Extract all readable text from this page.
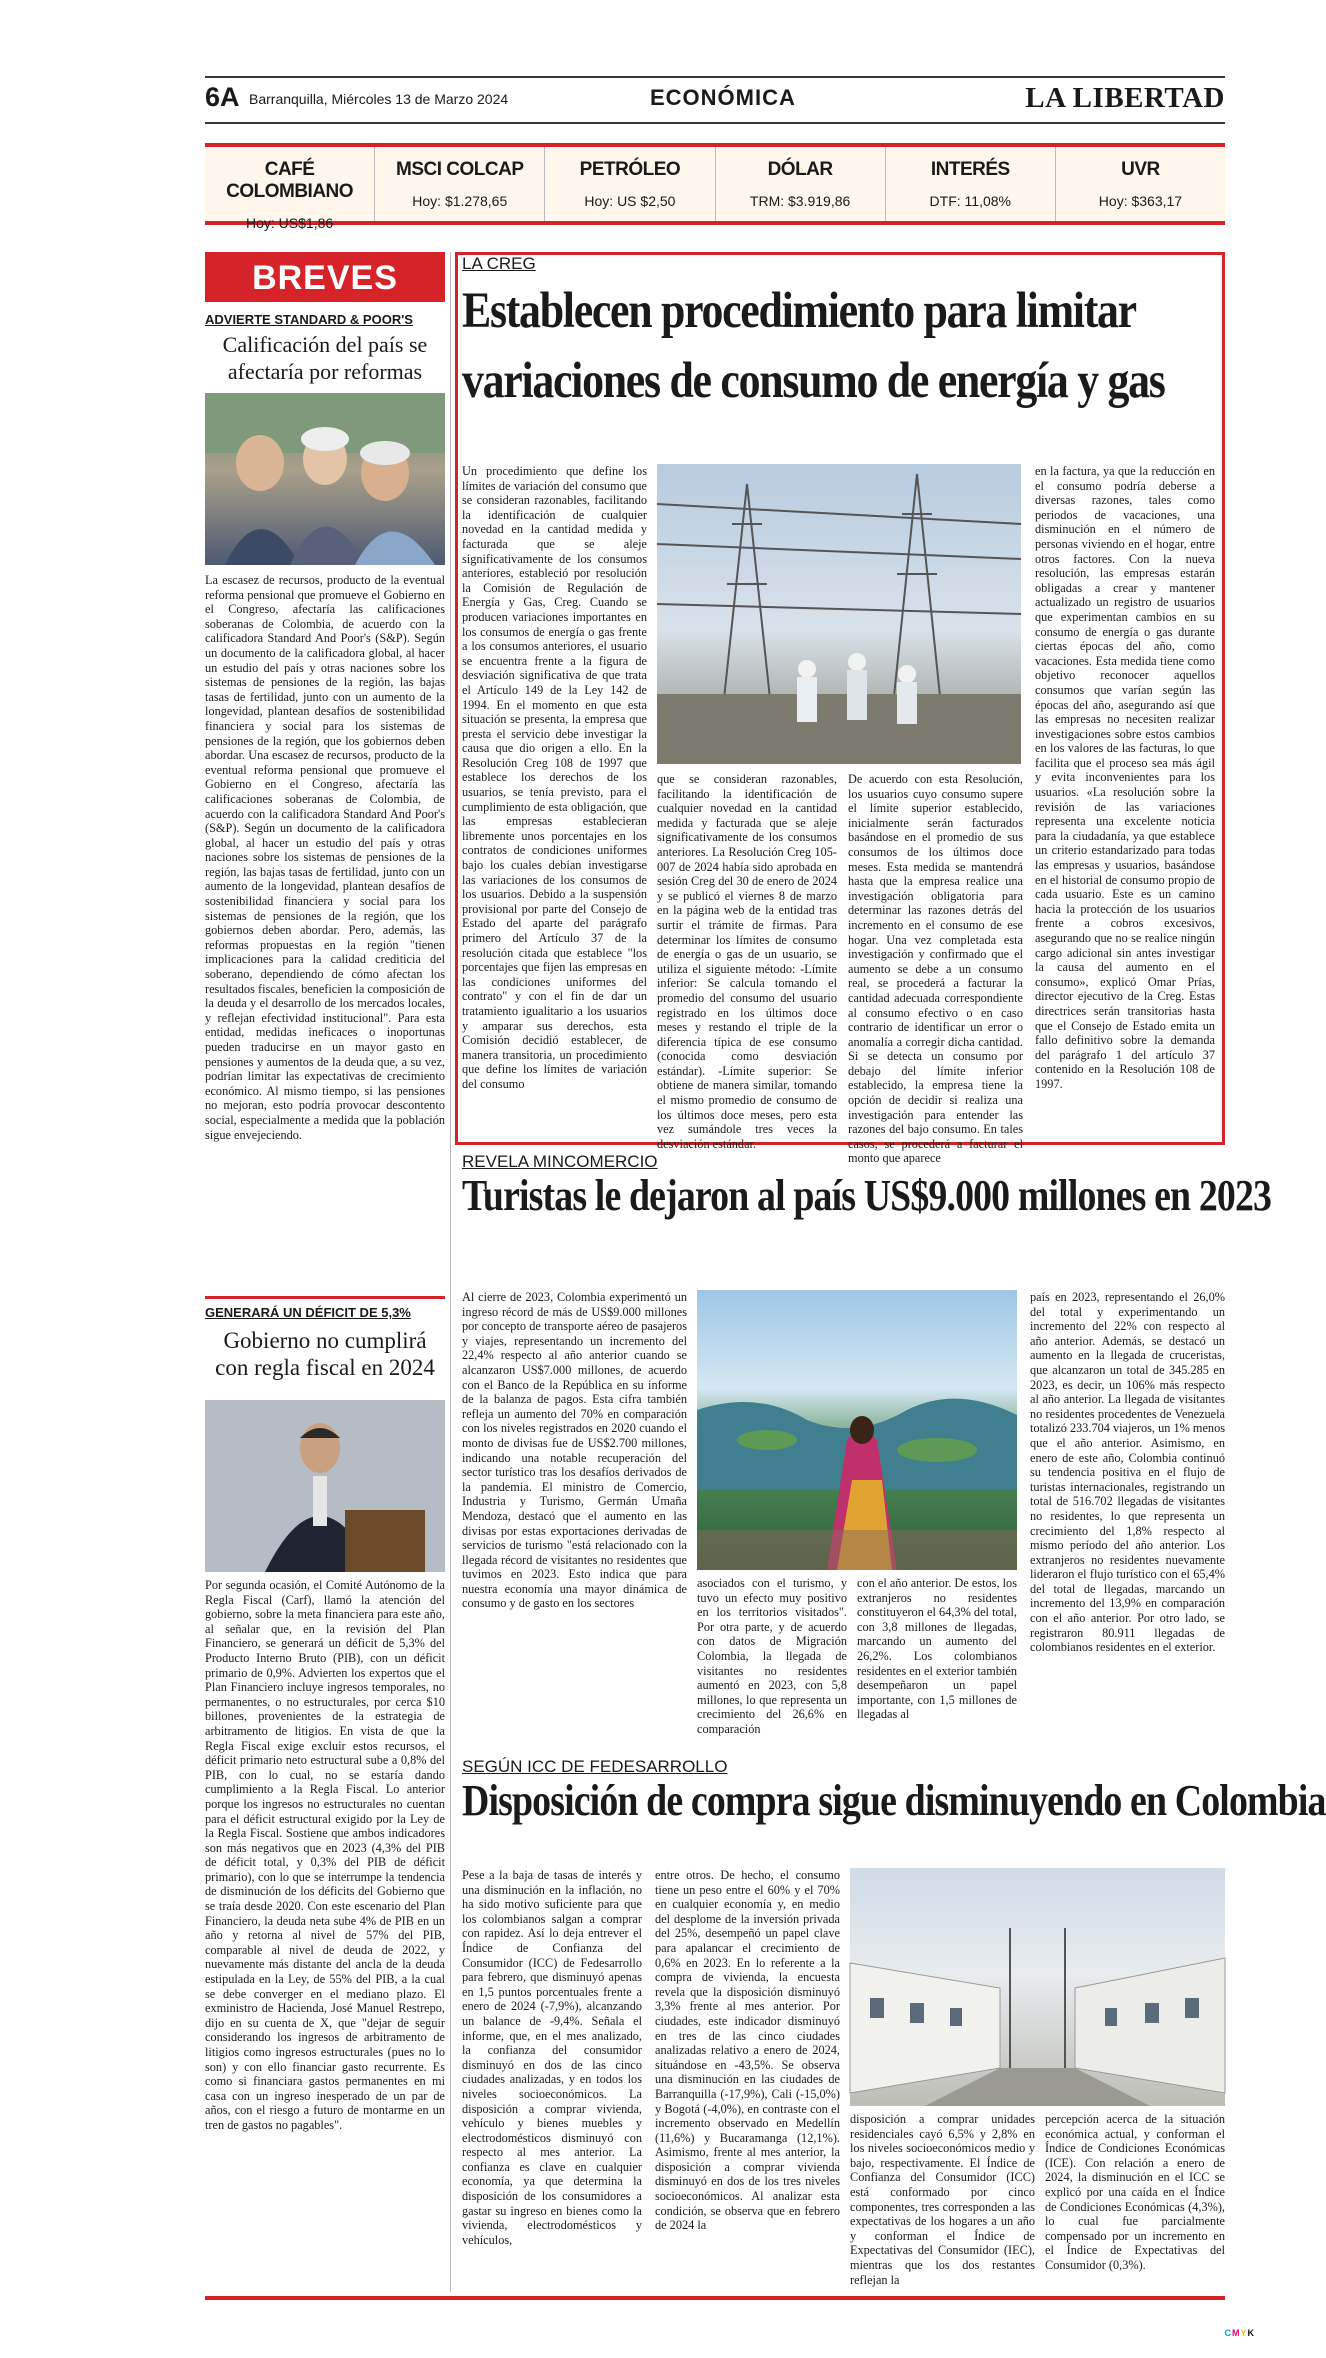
6A Barranquilla, Miércoles 13 de Marzo 2024	ECONÓMICA	LA LIBERTAD
CAFÉ COLOMBIANO
Hoy: US$1,86
MSCI COLCAP
Hoy: $1.278,65
PETRÓLEO
Hoy: US $2,50
DÓLAR
TRM: $3.919,86
INTERÉS
DTF: 11,08%
UVR
Hoy: $363,17
BREVES
ADVIERTE STANDARD & POOR'S
Calificación del país se afectaría por reformas
La escasez de recursos, producto de la eventual reforma pensional que promueve el Gobierno en el Congreso, afectaría las calificaciones soberanas de Colombia, de acuerdo con la calificadora Standard And Poor's (S&P). Según un documento de la calificadora global, al hacer un estudio del país y otras naciones sobre los sistemas de pensiones de la región, las bajas tasas de fertilidad, junto con un aumento de la longevidad, plantean desafíos de sostenibilidad financiera y social para los sistemas de pensiones de la región, que los gobiernos deben abordar. Una escasez de recursos, producto de la eventual reforma pensional que promueve el Gobierno en el Congreso, afectaría las calificaciones soberanas de Colombia, de acuerdo con la calificadora Standard And Poor's (S&P). Según un documento de la calificadora global, al hacer un estudio del país y otras naciones sobre los sistemas de pensiones de la región, las bajas tasas de fertilidad, junto con un aumento de la longevidad, plantean desafíos de sostenibilidad financiera y social para los sistemas de pensiones de la región, que los gobiernos deben abordar. Pero, además, las reformas propuestas en la región "tienen implicaciones para la calidad crediticia del soberano, dependiendo de cómo afectan los resultados fiscales, beneficien la composición de la deuda y el desarrollo de los mercados locales, y reflejan efectividad institucional". Para esta entidad, medidas ineficaces o inoportunas pueden traducirse en un mayor gasto en pensiones y aumentos de la deuda que, a su vez, podrían limitar las expectativas de crecimiento económico. Al mismo tiempo, si las pensiones no mejoran, esto podría provocar descontento social, especialmente a medida que la población sigue envejeciendo.
GENERARÁ UN DÉFICIT DE 5,3%
Gobierno no cumplirá con regla fiscal en 2024
Por segunda ocasión, el Comité Autónomo de la Regla Fiscal (Carf), llamó la atención del gobierno, sobre la meta financiera para este año, al señalar que, en la revisión del Plan Financiero, se generará un déficit de 5,3% del Producto Interno Bruto (PIB), con un déficit primario de 0,9%. Advierten los expertos que el Plan Financiero incluye ingresos temporales, no permanentes, o no estructurales, por cerca $10 billones, provenientes de la estrategia de arbitramento de litigios. En vista de que la Regla Fiscal exige excluir estos recursos, el déficit primario neto estructural sube a 0,8% del PIB, con lo cual, no se estaría dando cumplimiento a la Regla Fiscal. Lo anterior porque los ingresos no estructurales no cuentan para el déficit estructural exigido por la Ley de la Regla Fiscal. Sostiene que ambos indicadores son más negativos que en 2023 (4,3% del PIB de déficit total, y 0,3% del PIB de déficit primario), con lo que se interrumpe la tendencia de disminución de los déficits del Gobierno que se traía desde 2020. Con este escenario del Plan Financiero, la deuda neta sube 4% de PIB en un año y retorna al nivel de 57% del PIB, comparable al nivel de deuda de 2022, y nuevamente más distante del ancla de la deuda estipulada en la Ley, de 55% del PIB, a la cual se debe converger en el mediano plazo. El exministro de Hacienda, José Manuel Restrepo, dijo en su cuenta de X, que "dejar de seguir considerando los ingresos de arbitramento de litigios como ingresos estructurales (pues no lo son) y con ello financiar gasto recurrente. Es como si financiara gastos permanentes en mi casa con un ingreso inesperado de un par de años, con el riesgo a futuro de montarme en un tren de gastos no pagables".
LA CREG
Establecen procedimiento para limitar
variaciones de consumo de energía y gas
Un procedimiento que define los límites de variación del consumo que se consideran razonables, facilitando la identificación de cualquier novedad en la cantidad medida y facturada que se aleje significativamente de los consumos anteriores, estableció por resolución la Comisión de Regulación de Energía y Gas, Creg. Cuando se producen variaciones importantes en los consumos de energía o gas frente a los consumos anteriores, el usuario se encuentra frente a la figura de desviación significativa de que trata el Artículo 149 de la Ley 142 de 1994. En el momento en que esta situación se presenta, la empresa que presta el servicio debe investigar la causa que dio origen a ello. En la Resolución Creg 108 de 1997 que establece los derechos de los usuarios, se tenía previsto, para el cumplimiento de esta obligación, que las empresas establecieran libremente unos porcentajes en los contratos de condiciones uniformes bajo los cuales debían investigarse las variaciones de los consumos de los usuarios. Debido a la suspensión provisional por parte del Consejo de Estado del aparte del parágrafo primero del Artículo 37 de la resolución citada que establece "los porcentajes que fijen las empresas en las condiciones uniformes del contrato" y con el fin de dar un tratamiento igualitario a los usuarios y amparar sus derechos, esta Comisión decidió establecer, de manera transitoria, un procedimiento que define los límites de variación del consumo
que se consideran razonables, facilitando la identificación de cualquier novedad en la cantidad medida y facturada que se aleje significativamente de los consumos anteriores. La Resolución Creg 105-007 de 2024 había sido aprobada en sesión Creg del 30 de enero de 2024 y se publicó el viernes 8 de marzo en la página web de la entidad tras surtir el trámite de firmas. Para determinar los límites de consumo de energía o gas de un usuario, se utiliza el siguiente método: -Límite inferior: Se calcula tomando el promedio del consumo del usuario registrado en los últimos doce meses y restando el triple de la diferencia típica de ese consumo (conocida como desviación estándar). -Límite superior: Se obtiene de manera similar, tomando el mismo promedio de consumo de los últimos doce meses, pero esta vez sumándole tres veces la desviación estándar.
De acuerdo con esta Resolución, los usuarios cuyo consumo supere el límite superior establecido, inicialmente serán facturados basándose en el promedio de sus consumos de los últimos doce meses. Esta medida se mantendrá hasta que la empresa realice una investigación obligatoria para determinar las razones detrás del incremento en el consumo de ese hogar. Una vez completada esta investigación y confirmado que el aumento se debe a un consumo real, se procederá a facturar la cantidad adecuada correspondiente al consumo efectivo o en caso contrario de identificar un error o anomalía a corregir dicha cantidad. Si se detecta un consumo por debajo del límite inferior establecido, la empresa tiene la opción de decidir si realiza una investigación para entender las razones del bajo consumo. En tales casos, se procederá a facturar el monto que aparece
en la factura, ya que la reducción en el consumo podría deberse a diversas razones, tales como periodos de vacaciones, una disminución en el número de personas viviendo en el hogar, entre otros factores. Con la nueva resolución, las empresas estarán obligadas a crear y mantener actualizado un registro de usuarios que experimentan cambios en su consumo de energía o gas durante ciertas épocas del año, como vacaciones. Esta medida tiene como objetivo reconocer aquellos consumos que varían según las épocas del año, asegurando así que las empresas no necesiten realizar investigaciones sobre estos cambios en los valores de las facturas, lo que facilita que el proceso sea más ágil y evita inconvenientes para los usuarios. «La resolución sobre la revisión de las variaciones representa una excelente noticia para la ciudadanía, ya que establece un criterio estandarizado para todas las empresas y usuarios, basándose en el historial de consumo propio de cada usuario. Este es un camino hacia la protección de los usuarios frente a cobros excesivos, asegurando que no se realice ningún cargo adicional sin antes investigar la causa del aumento en el consumo», explicó Omar Prías, director ejecutivo de la Creg. Estas directrices serán transitorias hasta que el Consejo de Estado emita un fallo definitivo sobre la demanda del parágrafo 1 del artículo 37 contenido en la Resolución 108 de 1997.
REVELA MINCOMERCIO
Turistas le dejaron al país US$9.000 millones en 2023
Al cierre de 2023, Colombia experimentó un ingreso récord de más de US$9.000 millones por concepto de transporte aéreo de pasajeros y viajes, representando un incremento del 22,4% respecto al año anterior cuando se alcanzaron US$7.000 millones, de acuerdo con el Banco de la República en su informe de la balanza de pagos. Esta cifra también refleja un aumento del 70% en comparación con los niveles registrados en 2020 cuando el monto de divisas fue de US$2.700 millones, indicando una notable recuperación del sector turístico tras los desafíos derivados de la pandemia. El ministro de Comercio, Industria y Turismo, Germán Umaña Mendoza, destacó que el aumento en las divisas por estas exportaciones derivadas de servicios de turismo "está relacionado con la llegada récord de visitantes no residentes que tuvimos en 2023. Esto indica que para nuestra economía una mayor dinámica de consumo y de gasto en los sectores
asociados con el turismo, y tuvo un efecto muy positivo en los territorios visitados". Por otra parte, y de acuerdo con datos de Migración Colombia, la llegada de visitantes no residentes aumentó en 2023, con 5,8 millones, lo que representa un crecimiento del 26,6% en comparación
con el año anterior. De estos, los extranjeros no residentes constituyeron el 64,3% del total, con 3,8 millones de llegadas, marcando un aumento del 26,2%. Los colombianos residentes en el exterior también desempeñaron un papel importante, con 1,5 millones de llegadas al
país en 2023, representando el 26,0% del total y experimentando un incremento del 22% con respecto al año anterior. Además, se destacó un aumento en la llegada de cruceristas, que alcanzaron un total de 345.285 en 2023, es decir, un 106% más respecto al año anterior. La llegada de visitantes no residentes procedentes de Venezuela totalizó 233.704 viajeros, un 1% menos que el año anterior. Asimismo, en enero de este año, Colombia continuó su tendencia positiva en el flujo de turistas internacionales, registrando un total de 516.702 llegadas de visitantes no residentes, lo que representa un crecimiento del 1,8% respecto al mismo período del año anterior. Los extranjeros no residentes nuevamente lideraron el flujo turístico con el 65,4% del total de llegadas, marcando un incremento del 13,9% en comparación con el año anterior. Por otro lado, se registraron 80.911 llegadas de colombianos residentes en el exterior.
SEGÚN ICC DE FEDESARROLLO
Disposición de compra sigue disminuyendo en Colombia
Pese a la baja de tasas de interés y una disminución en la inflación, no ha sido motivo suficiente para que los colombianos salgan a comprar con rapidez. Así lo deja entrever el Índice de Confianza del Consumidor (ICC) de Fedesarrollo para febrero, que disminuyó apenas en 1,5 puntos porcentuales frente a enero de 2024 (-7,9%), alcanzando un balance de -9,4%. Señala el informe, que, en el mes analizado, la confianza del consumidor disminuyó en dos de las cinco ciudades analizadas, y en todos los niveles socioeconómicos. La disposición a comprar vivienda, vehículo y bienes muebles y electrodomésticos disminuyó con respecto al mes anterior. La confianza es clave en cualquier economía, ya que determina la disposición de los consumidores a gastar su ingreso en bienes como la vivienda, electrodomésticos y vehículos,
entre otros. De hecho, el consumo tiene un peso entre el 60% y el 70% en cualquier economía y, en medio del desplome de la inversión privada del 25%, desempeñó un papel clave para apalancar el crecimiento de 0,6% en 2023. En lo referente a la compra de vivienda, la encuesta revela que la disposición disminuyó 3,3% frente al mes anterior. Por ciudades, este indicador disminuyó en tres de las cinco ciudades analizadas relativo a enero de 2024, situándose en -43,5%. Se observa una disminución en las ciudades de Barranquilla (-17,9%), Cali (-15,0%) y Bogotá (-4,0%), en contraste con el incremento observado en Medellín (11,6%) y Bucaramanga (12,1%). Asimismo, frente al mes anterior, la disposición a comprar vivienda disminuyó en dos de los tres niveles socioeconómicos. Al analizar esta condición, se observa que en febrero de 2024 la
disposición a comprar unidades residenciales cayó 6,5% y 2,8% en los niveles socioeconómicos medio y bajo, respectivamente. El Índice de Confianza del Consumidor (ICC) está conformado por cinco componentes, tres corresponden a las expectativas de los hogares a un año y conforman el Índice de Expectativas del Consumidor (IEC), mientras que los dos restantes reflejan la
percepción acerca de la situación económica actual, y conforman el Índice de Condiciones Económicas (ICE). Con relación a enero de 2024, la disminución en el ICC se explicó por una caída en el Índice de Condiciones Económicas (4,3%), lo cual fue parcialmente compensado por un incremento en el Índice de Expectativas del Consumidor (0,3%).
CMYK
